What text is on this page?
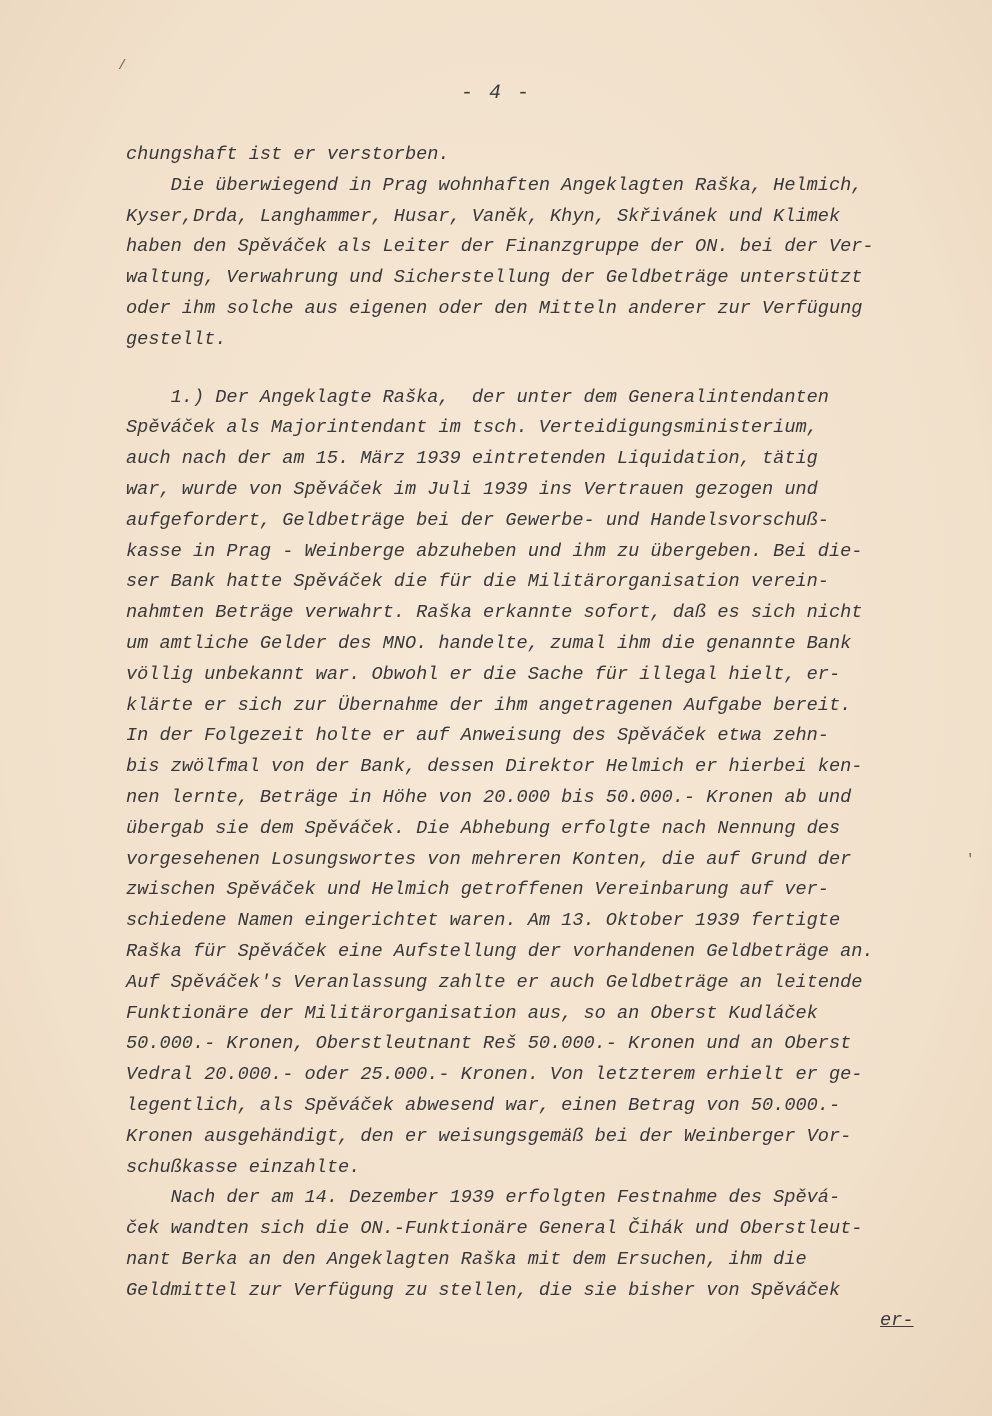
/
'
- 4 -
chungshaft ist er verstorben.
Die überwiegend in Prag wohnhaften Angeklagten Raška, Helmich,
Kyser,Drda, Langhammer, Husar, Vaněk, Khyn, Skřivánek und Klimek
haben den Spěváček als Leiter der Finanzgruppe der ON. bei der Ver-
waltung, Verwahrung und Sicherstellung der Geldbeträge unterstützt
oder ihm solche aus eigenen oder den Mitteln anderer zur Verfügung
gestellt.
1.) Der Angeklagte Raška,  der unter dem Generalintendanten
Spěváček als Majorintendant im tsch. Verteidigungsministerium,
auch nach der am 15. März 1939 eintretenden Liquidation, tätig
war, wurde von Spěváček im Juli 1939 ins Vertrauen gezogen und
aufgefordert, Geldbeträge bei der Gewerbe- und Handelsvorschuß-
kasse in Prag - Weinberge abzuheben und ihm zu übergeben. Bei die-
ser Bank hatte Spěváček die für die Militärorganisation verein-
nahmten Beträge verwahrt. Raška erkannte sofort, daß es sich nicht
um amtliche Gelder des MNO. handelte, zumal ihm die genannte Bank
völlig unbekannt war. Obwohl er die Sache für illegal hielt, er-
klärte er sich zur Übernahme der ihm angetragenen Aufgabe bereit.
In der Folgezeit holte er auf Anweisung des Spěváček etwa zehn-
bis zwölfmal von der Bank, dessen Direktor Helmich er hierbei ken-
nen lernte, Beträge in Höhe von 20.000 bis 50.000.- Kronen ab und
übergab sie dem Spěváček. Die Abhebung erfolgte nach Nennung des
vorgesehenen Losungswortes von mehreren Konten, die auf Grund der
zwischen Spěváček und Helmich getroffenen Vereinbarung auf ver-
schiedene Namen eingerichtet waren. Am 13. Oktober 1939 fertigte
Raška für Spěváček eine Aufstellung der vorhandenen Geldbeträge an.
Auf Spěváček's Veranlassung zahlte er auch Geldbeträge an leitende
Funktionäre der Militärorganisation aus, so an Oberst Kudláček
50.000.- Kronen, Oberstleutnant Reš 50.000.- Kronen und an Oberst
Vedral 20.000.- oder 25.000.- Kronen. Von letzterem erhielt er ge-
legentlich, als Spěváček abwesend war, einen Betrag von 50.000.-
Kronen ausgehändigt, den er weisungsgemäß bei der Weinberger Vor-
schußkasse einzahlte.
Nach der am 14. Dezember 1939 erfolgten Festnahme des Spěvá-
ček wandten sich die ON.-Funktionäre General Čihák und Oberstleut-
nant Berka an den Angeklagten Raška mit dem Ersuchen, ihm die
Geldmittel zur Verfügung zu stellen, die sie bisher von Spěváček
er-
